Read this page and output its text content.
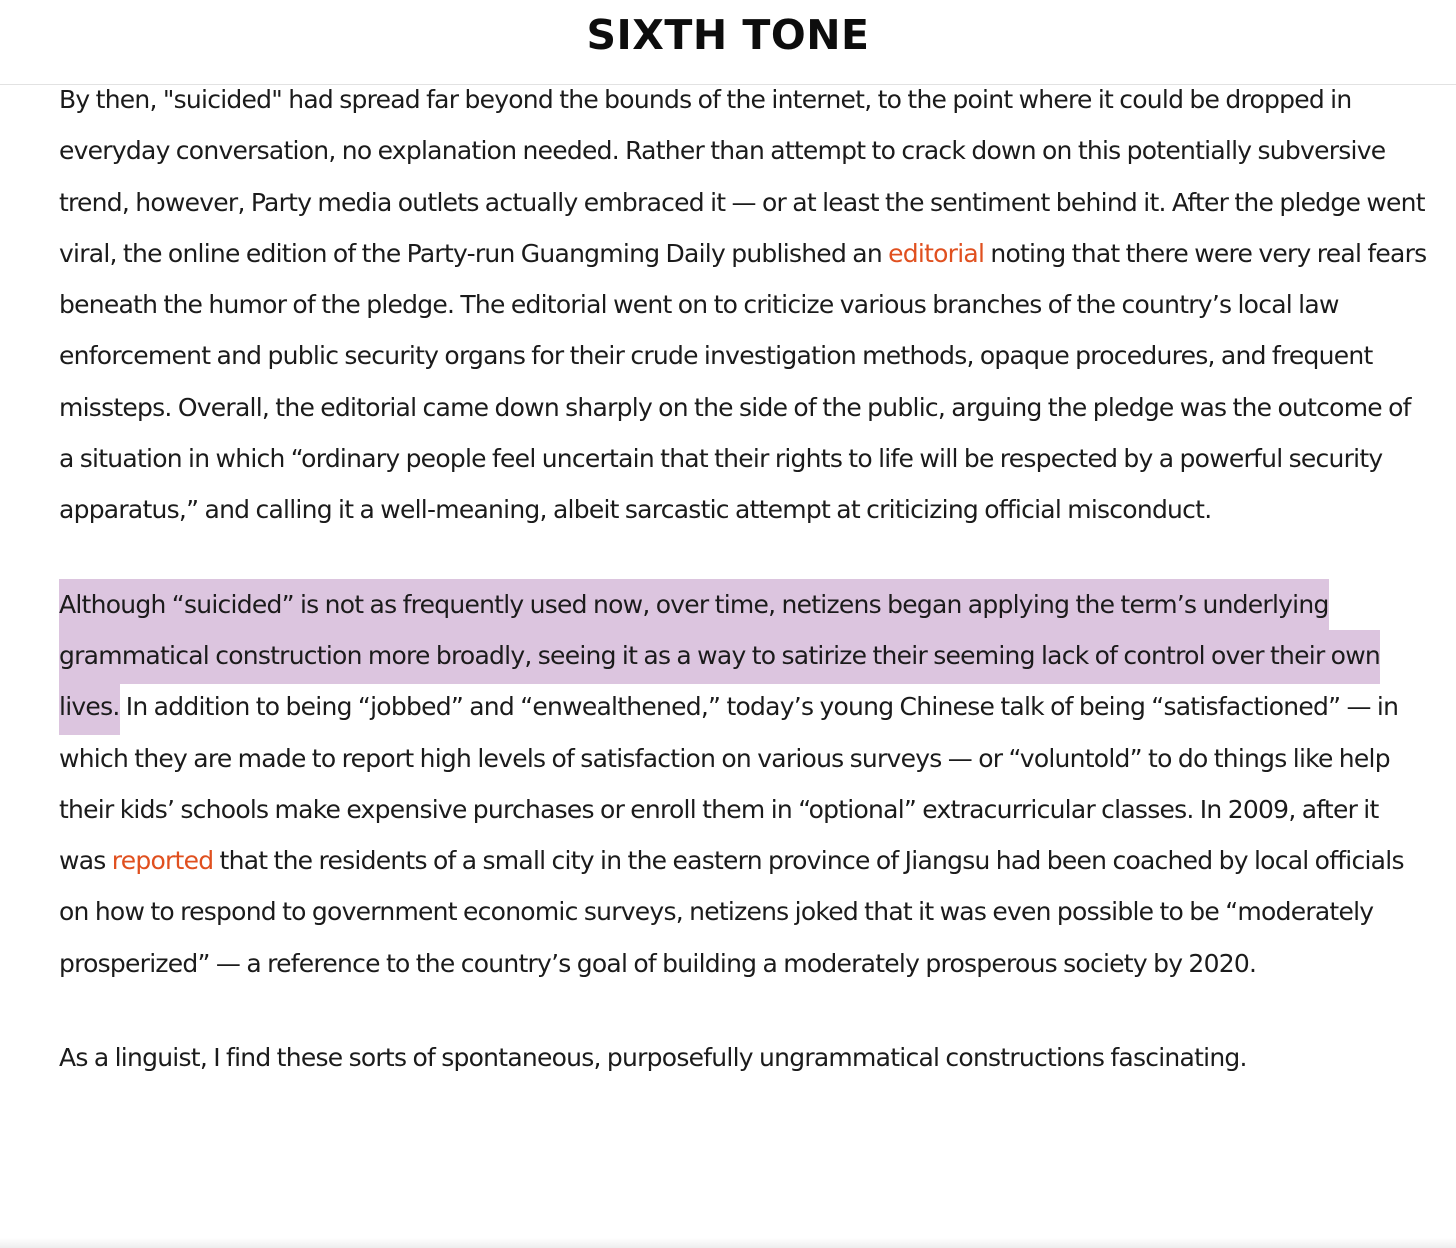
SIXTH TONE

By then, "suicided" had spread far beyond the bounds of the internet, to the point where it could be dropped in everyday conversation, no explanation needed. Rather than attempt to crack down on this potentially subversive trend, however, Party media outlets actually embraced it — or at least the sentiment behind it. After the pledge went viral, the online edition of the Party-run Guangming Daily published an editorial noting that there were very real fears beneath the humor of the pledge. The editorial went on to criticize various branches of the country’s local law enforcement and public security organs for their crude investigation methods, opaque procedures, and frequent missteps. Overall, the editorial came down sharply on the side of the public, arguing the pledge was the outcome of a situation in which “ordinary people feel uncertain that their rights to life will be respected by a powerful security apparatus,” and calling it a well-meaning, albeit sarcastic attempt at criticizing official misconduct.

Although “suicided” is not as frequently used now, over time, netizens began applying the term’s underlying grammatical construction more broadly, seeing it as a way to satirize their seeming lack of control over their own lives. In addition to being “jobbed” and “enwealthened,” today’s young Chinese talk of being “satisfactioned” — in which they are made to report high levels of satisfaction on various surveys — or “voluntold” to do things like help their kids’ schools make expensive purchases or enroll them in “optional” extracurricular classes. In 2009, after it was reported that the residents of a small city in the eastern province of Jiangsu had been coached by local officials on how to respond to government economic surveys, netizens joked that it was even possible to be “moderately prosperized” — a reference to the country’s goal of building a moderately prosperous society by 2020.

As a linguist, I find these sorts of spontaneous, purposefully ungrammatical constructions fascinating.
